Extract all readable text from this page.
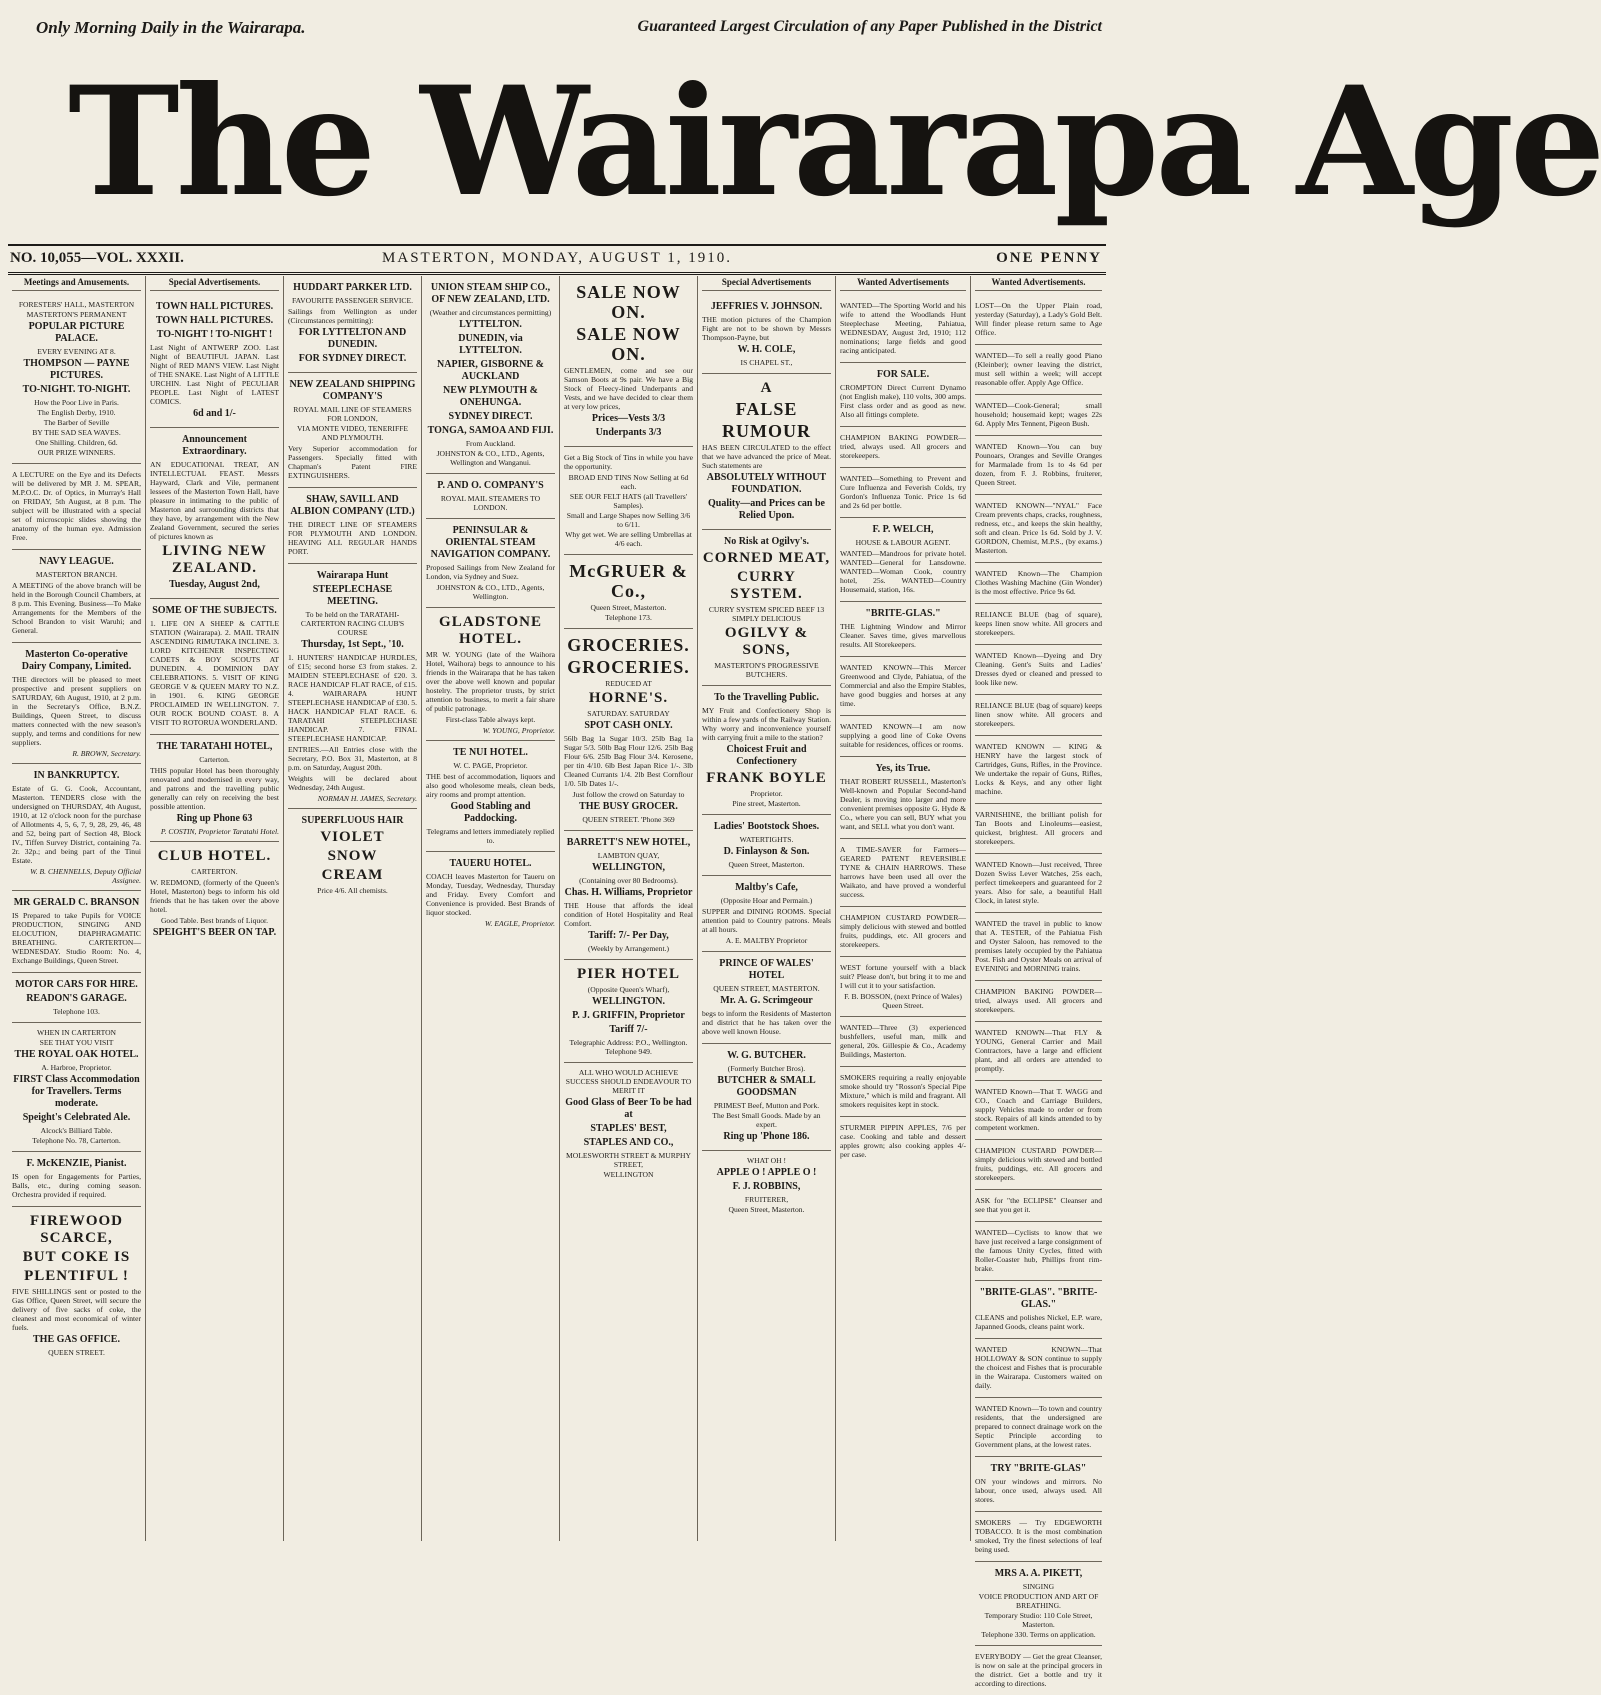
Only Morning Daily in the Wairarapa.	Guaranteed Largest Circulation of any Paper Published in the District
The Wairarapa Age
NO. 10,055—VOL. XXXII.	MASTERTON, MONDAY, AUGUST 1, 1910.	ONE PENNY
Meetings and Amusements.
FORESTERS' HALL, MASTERTON
MASTERTON'S PERMANENT
POPULAR PICTURE PALACE.
EVERY EVENING AT 8.
THOMPSON — PAYNE PICTURES.
TO-NIGHT. TO-NIGHT.
How the Poor Live in Paris.
The English Derby, 1910.
The Barber of Seville
BY THE SAD SEA WAVES.
One Shilling. Children, 6d.
OUR PRIZE WINNERS.
A LECTURE on the Eye and its Defects will be delivered by MR J. M. SPEAR, M.P.O.C. Dr. of Optics, in Murray's Hall on FRIDAY, 5th August, at 8 p.m. The subject will be illustrated with a special set of microscopic slides showing the anatomy of the human eye. Admission Free.
NAVY LEAGUE.
MASTERTON BRANCH.
A MEETING of the above branch will be held in the Borough Council Chambers, at 8 p.m. This Evening. Business—To Make Arrangements for the Members of the School Brandon to visit Waruhi; and General.
Masterton Co-operative Dairy Company, Limited.
THE directors will be pleased to meet prospective and present suppliers on SATURDAY, 6th August, 1910, at 2 p.m. in the Secretary's Office, B.N.Z. Buildings, Queen Street, to discuss matters connected with the new season's supply, and terms and conditions for new suppliers.
R. BROWN, Secretary.
IN BANKRUPTCY.
Estate of G. G. Cook, Accountant, Masterton. TENDERS close with the undersigned on THURSDAY, 4th August, 1910, at 12 o'clock noon for the purchase of Allotments 4, 5, 6, 7, 9, 28, 29, 46, 48 and 52, being part of Section 48, Block IV., Tiffen Survey District, containing 7a. 2r. 32p.; and being part of the Tinui Estate.
W. B. CHENNELLS, Deputy Official Assignee.
MR GERALD C. BRANSON
IS Prepared to take Pupils for VOICE PRODUCTION, SINGING AND ELOCUTION, DIAPHRAGMATIC BREATHING. CARTERTON—WEDNESDAY. Studio Room: No. 4, Exchange Buildings, Queen Street.
MOTOR CARS FOR HIRE.
READON'S GARAGE.
Telephone 103.
WHEN IN CARTERTON
SEE THAT YOU VISIT
THE ROYAL OAK HOTEL.
A. Harbroe, Proprietor.
FIRST Class Accommodation for Travellers. Terms moderate.
Speight's Celebrated Ale.
Alcock's Billiard Table.
Telephone No. 78, Carterton.
F. McKENZIE, Pianist.
IS open for Engagements for Parties, Balls, etc., during coming season. Orchestra provided if required.
FIREWOOD SCARCE,
BUT COKE IS
PLENTIFUL !
FIVE SHILLINGS sent or posted to the Gas Office, Queen Street, will secure the delivery of five sacks of coke, the cleanest and most economical of winter fuels.
THE GAS OFFICE.
QUEEN STREET.
Special Advertisements.
TOWN HALL PICTURES.
TOWN HALL PICTURES.
TO-NIGHT ! TO-NIGHT !
Last Night of ANTWERP ZOO. Last Night of BEAUTIFUL JAPAN. Last Night of RED MAN'S VIEW. Last Night of THE SNAKE. Last Night of A LITTLE URCHIN. Last Night of PECULIAR PEOPLE. Last Night of LATEST COMICS.
6d and 1/-
Announcement Extraordinary.
AN EDUCATIONAL TREAT, AN INTELLECTUAL FEAST. Messrs Hayward, Clark and Vile, permanent lessees of the Masterton Town Hall, have pleasure in intimating to the public of Masterton and surrounding districts that they have, by arrangement with the New Zealand Government, secured the series of pictures known as
LIVING NEW ZEALAND.
Tuesday, August 2nd,
SOME OF THE SUBJECTS.
1. LIFE ON A SHEEP & CATTLE STATION (Wairarapa). 2. MAIL TRAIN ASCENDING RIMUTAKA INCLINE. 3. LORD KITCHENER INSPECTING CADETS & BOY SCOUTS AT DUNEDIN. 4. DOMINION DAY CELEBRATIONS. 5. VISIT OF KING GEORGE V & QUEEN MARY TO N.Z. in 1901. 6. KING GEORGE PROCLAIMED IN WELLINGTON. 7. OUR ROCK BOUND COAST. 8. A VISIT TO ROTORUA WONDERLAND.
THE TARATAHI HOTEL,
Carterton.
THIS popular Hotel has been thoroughly renovated and modernised in every way, and patrons and the travelling public generally can rely on receiving the best possible attention.
Ring up Phone 63
P. COSTIN, Proprietor Taratahi Hotel.
CLUB HOTEL.
CARTERTON.
W. REDMOND, (formerly of the Queen's Hotel, Masterton) begs to inform his old friends that he has taken over the above hotel.
Good Table. Best brands of Liquor.
SPEIGHT'S BEER ON TAP.
HUDDART PARKER LTD.
FAVOURITE PASSENGER SERVICE.
Sailings from Wellington as under (Circumstances permitting):
FOR LYTTELTON AND DUNEDIN.
FOR SYDNEY DIRECT.
NEW ZEALAND SHIPPING COMPANY'S
ROYAL MAIL LINE OF STEAMERS FOR LONDON,
VIA MONTE VIDEO, TENERIFFE AND PLYMOUTH.
Very Superior accommodation for Passengers. Specially fitted with Chapman's Patent FIRE EXTINGUISHERS.
SHAW, SAVILL AND ALBION COMPANY (LTD.)
THE DIRECT LINE OF STEAMERS FOR PLYMOUTH AND LONDON. HEAVING ALL REGULAR HANDS PORT.
Wairarapa Hunt
STEEPLECHASE MEETING.
To be held on the TARATAHI-CARTERTON RACING CLUB'S COURSE
Thursday, 1st Sept., '10.
1. HUNTERS' HANDICAP HURDLES, of £15; second horse £3 from stakes. 2. MAIDEN STEEPLECHASE of £20. 3. RACE HANDICAP FLAT RACE, of £15. 4. WAIRARAPA HUNT STEEPLECHASE HANDICAP of £30. 5. HACK HANDICAP FLAT RACE. 6. TARATAHI STEEPLECHASE HANDICAP. 7. FINAL STEEPLECHASE HANDICAP.
ENTRIES.—All Entries close with the Secretary, P.O. Box 31, Masterton, at 8 p.m. on Saturday, August 20th.
Weights will be declared about Wednesday, 24th August.
NORMAN H. JAMES, Secretary.
SUPERFLUOUS HAIR
VIOLET
SNOW
CREAM
Price 4/6. All chemists.
UNION STEAM SHIP CO., OF NEW ZEALAND, LTD.
(Weather and circumstances permitting)
LYTTELTON.
DUNEDIN, via LYTTELTON.
NAPIER, GISBORNE & AUCKLAND
NEW PLYMOUTH & ONEHUNGA.
SYDNEY DIRECT.
TONGA, SAMOA AND FIJI.
From Auckland.
JOHNSTON & CO., LTD., Agents, Wellington and Wanganui.
P. AND O. COMPANY'S
ROYAL MAIL STEAMERS TO LONDON.
PENINSULAR & ORIENTAL STEAM NAVIGATION COMPANY.
Proposed Sailings from New Zealand for London, via Sydney and Suez.
JOHNSTON & CO., LTD., Agents, Wellington.
GLADSTONE HOTEL.
MR W. YOUNG (late of the Waihora Hotel, Waihora) begs to announce to his friends in the Wairarapa that he has taken over the above well known and popular hostelry. The proprietor trusts, by strict attention to business, to merit a fair share of public patronage.
First-class Table always kept.
W. YOUNG, Proprietor.
TE NUI HOTEL.
W. C. PAGE, Proprietor.
THE best of accommodation, liquors and also good wholesome meals, clean beds, airy rooms and prompt attention.
Good Stabling and Paddocking.
Telegrams and letters immediately replied to.
TAUERU HOTEL.
COACH leaves Masterton for Taueru on Monday, Tuesday, Wednesday, Thursday and Friday. Every Comfort and Convenience is provided. Best Brands of liquor stocked.
W. EAGLE, Proprietor.
SALE NOW ON.
SALE NOW ON.
GENTLEMEN, come and see our Samson Boots at 9s pair. We have a Big Stock of Fleecy-lined Underpants and Vests, and we have decided to clear them at very low prices,
Prices—Vests 3/3
Underpants 3/3
Get a Big Stock of Tins in while you have the opportunity.
BROAD END TINS Now Selling at 6d each.
SEE OUR FELT HATS (all Travellers' Samples).
Small and Large Shapes now Selling 3/6 to 6/11.
Why get wet. We are selling Umbrellas at 4/6 each.
McGRUER & Co.,
Queen Street, Masterton.
Telephone 173.
GROCERIES.
GROCERIES.
REDUCED AT
HORNE'S.
SATURDAY. SATURDAY
SPOT CASH ONLY.
56lb Bag 1a Sugar 10/3. 25lb Bag 1a Sugar 5/3. 50lb Bag Flour 12/6. 25lb Bag Flour 6/6. 25lb Bag Flour 3/4. Kerosene, per tin 4/10. 6lb Best Japan Rice 1/-. 3lb Cleaned Currants 1/4. 2lb Best Cornflour 1/0. 5lb Dates 1/-.
Just follow the crowd on Saturday to
THE BUSY GROCER.
QUEEN STREET. 'Phone 369
BARRETT'S NEW HOTEL,
LAMBTON QUAY,
WELLINGTON,
(Containing over 80 Bedrooms).
Chas. H. Williams, Proprietor
THE House that affords the ideal condition of Hotel Hospitality and Real Comfort.
Tariff: 7/- Per Day,
(Weekly by Arrangement.)
PIER HOTEL
(Opposite Queen's Wharf),
WELLINGTON.
P. J. GRIFFIN, Proprietor
Tariff 7/-
Telegraphic Address: P.O., Wellington. Telephone 949.
ALL WHO WOULD ACHIEVE SUCCESS SHOULD ENDEAVOUR TO MERIT IT
Good Glass of Beer To be had at
STAPLES' BEST,
STAPLES AND CO.,
MOLESWORTH STREET & MURPHY STREET,
WELLINGTON
Special Advertisements
JEFFRIES V. JOHNSON.
THE motion pictures of the Champion Fight are not to be shown by Messrs Thompson-Payne, but
W. H. COLE,
IS CHAPEL ST.,
A
FALSE
RUMOUR
HAS BEEN CIRCULATED to the effect that we have advanced the price of Meat. Such statements are
ABSOLUTELY WITHOUT FOUNDATION.
Quality—and Prices can be Relied Upon.
No Risk at Ogilvy's.
CORNED MEAT,
CURRY SYSTEM.
CURRY SYSTEM SPICED BEEF 13 SIMPLY DELICIOUS
OGILVY & SONS,
MASTERTON'S PROGRESSIVE BUTCHERS.
To the Travelling Public.
MY Fruit and Confectionery Shop is within a few yards of the Railway Station. Why worry and inconvenience yourself with carrying fruit a mile to the station?
Choicest Fruit and Confectionery
FRANK BOYLE
Proprietor.
Pine street, Masterton.
Ladies' Bootstock Shoes.
WATERTIGHTS.
D. Finlayson & Son.
Queen Street, Masterton.
Maltby's Cafe,
(Opposite Hoar and Permain.)
SUPPER and DINING ROOMS. Special attention paid to Country patrons. Meals at all hours.
A. E. MALTBY Proprietor
PRINCE OF WALES' HOTEL
QUEEN STREET, MASTERTON.
Mr. A. G. Scrimgeour
begs to inform the Residents of Masterton and district that he has taken over the above well known House.
W. G. BUTCHER.
(Formerly Butcher Bros).
BUTCHER & SMALL GOODSMAN
PRIMEST Beef, Mutton and Pork.
The Best Small Goods. Made by an expert.
Ring up 'Phone 186.
WHAT OH !
APPLE O ! APPLE O !
F. J. ROBBINS,
FRUITERER,
Queen Street, Masterton.
Wanted Advertisements
WANTED—The Sporting World and his wife to attend the Woodlands Hunt Steeplechase Meeting, Pahiatua, WEDNESDAY, August 3rd, 1910; 112 nominations; large fields and good racing anticipated.
FOR SALE.
CROMPTON Direct Current Dynamo (not English make), 110 volts, 300 amps. First class order and as good as new. Also all fittings complete.
CHAMPION BAKING POWDER—tried, always used. All grocers and storekeepers.
WANTED—Something to Prevent and Cure Influenza and Feverish Colds, try Gordon's Influenza Tonic. Price 1s 6d and 2s 6d per bottle.
F. P. WELCH,
HOUSE & LABOUR AGENT.
WANTED—Mandroos for private hotel. WANTED—General for Lansdowne. WANTED—Woman Cook, country hotel, 25s. WANTED—Country Housemaid, station, 16s.
"BRITE-GLAS."
THE Lightning Window and Mirror Cleaner. Saves time, gives marvellous results. All Storekeepers.
WANTED KNOWN—This Mercer Greenwood and Clyde, Pahiatua, of the Commercial and also the Empire Stables, have good buggies and horses at any time.
WANTED KNOWN—I am now supplying a good line of Coke Ovens suitable for residences, offices or rooms.
Yes, its True.
THAT ROBERT RUSSELL, Masterton's Well-known and Popular Second-hand Dealer, is moving into larger and more convenient premises opposite G. Hyde & Co., where you can sell, BUY what you want, and SELL what you don't want.
A TIME-SAVER for Farmers—GEARED PATENT REVERSIBLE TYNE & CHAIN HARROWS. These harrows have been used all over the Waikato, and have proved a wonderful success.
CHAMPION CUSTARD POWDER—simply delicious with stewed and bottled fruits, puddings, etc. All grocers and storekeepers.
WEST fortune yourself with a black suit? Please don't, but bring it to me and I will cut it to your satisfaction.
F. B. BOSSON, (next Prince of Wales) Queen Street.
WANTED—Three (3) experienced bushfellers, useful man, milk and general, 20s. Gillespie & Co., Academy Buildings, Masterton.
SMOKERS requiring a really enjoyable smoke should try "Rosson's Special Pipe Mixture," which is mild and fragrant. All smokers requisites kept in stock.
STURMER PIPPIN APPLES, 7/6 per case. Cooking and table and dessert apples grown; also cooking apples 4/- per case.
Wanted Advertisements.
LOST—On the Upper Plain road, yesterday (Saturday), a Lady's Gold Belt. Will finder please return same to Age Office.
WANTED—To sell a really good Piano (Kleinber); owner leaving the district, must sell within a week; will accept reasonable offer. Apply Age Office.
WANTED—Cook-General; small household; housemaid kept; wages 22s 6d. Apply Mrs Tennent, Pigeon Bush.
WANTED Known—You can buy Pounoars, Oranges and Seville Oranges for Marmalade from 1s to 4s 6d per dozen, from F. J. Robbins, fruiterer, Queen Street.
WANTED KNOWN—"NYAL" Face Cream prevents chaps, cracks, roughness, redness, etc., and keeps the skin healthy, soft and clean. Price 1s 6d. Sold by J. V. GORDON, Chemist, M.P.S., (by exams.) Masterton.
WANTED Known—The Champion Clothes Washing Machine (Gin Wonder) is the most effective. Price 9s 6d.
RELIANCE BLUE (bag of square), keeps linen snow white. All grocers and storekeepers.
WANTED Known—Dyeing and Dry Cleaning. Gent's Suits and Ladies' Dresses dyed or cleaned and pressed to look like new.
RELIANCE BLUE (bag of square) keeps linen snow white. All grocers and storekeepers.
WANTED KNOWN — KING & HENRY have the largest stock of Cartridges, Guns, Rifles, in the Province. We undertake the repair of Guns, Rifles, Locks & Keys, and any other light machine.
VARNISHINE, the brilliant polish for Tan Boots and Linoleums—easiest, quickest, brightest. All grocers and storekeepers.
WANTED Known—Just received, Three Dozen Swiss Lever Watches, 25s each, perfect timekeepers and guaranteed for 2 years. Also for sale, a beautiful Hall Clock, in latest style.
WANTED the travel in public to know that A. TESTER, of the Pahiatua Fish and Oyster Saloon, has removed to the premises lately occupied by the Pahiatua Post. Fish and Oyster Meals on arrival of EVENING and MORNING trains.
CHAMPION BAKING POWDER—tried, always used. All grocers and storekeepers.
WANTED KNOWN—That FLY & YOUNG, General Carrier and Mail Contractors, have a large and efficient plant, and all orders are attended to promptly.
WANTED Known—That T. WAGG and CO., Coach and Carriage Builders, supply Vehicles made to order or from stock. Repairs of all kinds attended to by competent workmen.
CHAMPION CUSTARD POWDER—simply delicious with stewed and bottled fruits, puddings, etc. All grocers and storekeepers.
ASK for "the ECLIPSE" Cleanser and see that you get it.
WANTED—Cyclists to know that we have just received a large consignment of the famous Unity Cycles, fitted with Roller-Coaster hub, Phillips front rim-brake.
"BRITE-GLAS". "BRITE-GLAS."
CLEANS and polishes Nickel, E.P. ware, Japanned Goods, cleans paint work.
WANTED KNOWN—That HOLLOWAY & SON continue to supply the choicest and Fishes that is procurable in the Wairarapa. Customers waited on daily.
WANTED Known—To town and country residents, that the undersigned are prepared to connect drainage work on the Septic Principle according to Government plans, at the lowest rates.
TRY "BRITE-GLAS"
ON your windows and mirrors. No labour, once used, always used. All stores.
SMOKERS — Try EDGEWORTH TOBACCO. It is the most combination smoked, Try the finest selections of leaf being used.
MRS A. A. PIKETT,
SINGING
VOICE PRODUCTION AND ART OF BREATHING.
Temporary Studio: 110 Cole Street, Masterton.
Telephone 330. Terms on application.
EVERYBODY — Get the great Cleanser, is now on sale at the principal grocers in the district. Get a bottle and try it according to directions.
